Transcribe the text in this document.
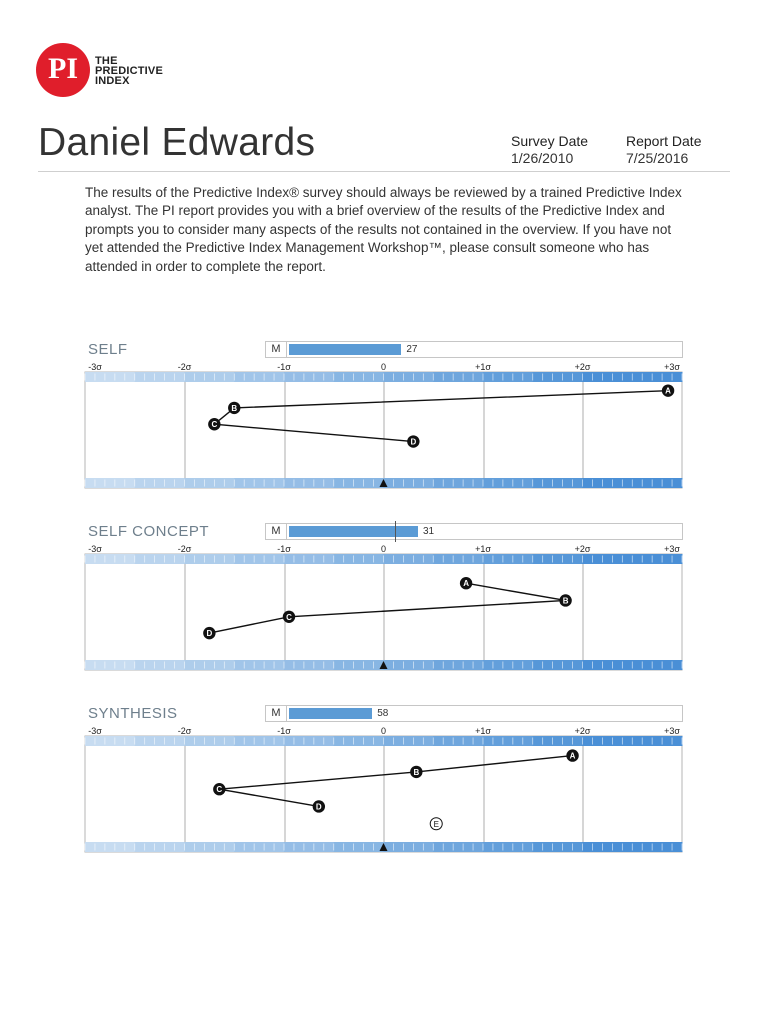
PI	THE
PREDICTIVE
INDEX
Daniel Edwards	Survey Date
1/26/2010
Report Date
7/25/2016

The results of the Predictive Index® survey should always be reviewed by a trained Predictive Index analyst. The PI report provides you with a brief overview of the results of the Predictive Index and prompts you to consider many aspects of the results not contained in the overview. If you have not yet attended the Predictive Index Management Workshop™, please consult someone who has attended in order to complete the report.

SELF	M	27
-3σ	-2σ	-1σ	0	+1σ	+2σ	+3σ
A
B
C
D
SELF CONCEPT	M	31
-3σ	-2σ	-1σ	0	+1σ	+2σ	+3σ
A
B
C
D
SYNTHESIS	M	58
-3σ	-2σ	-1σ	0	+1σ	+2σ	+3σ
A
B
C
D
E
